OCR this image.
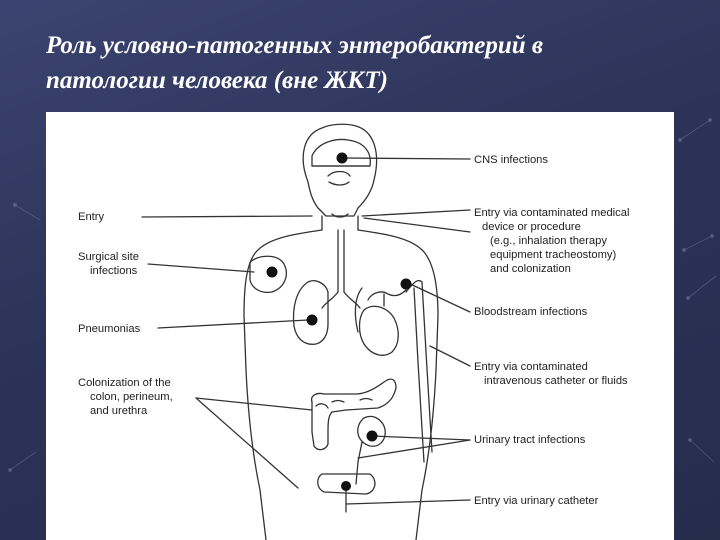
Роль условно-патогенных энтеробактерий в
патологии человека (вне ЖКТ)
Entry
Surgical site
infections
Pneumonias
Colonization of the
colon, perineum,
and urethra
CNS infections
Entry via contaminated medical
device or procedure
(e.g., inhalation therapy
equipment tracheostomy)
and colonization
Bloodstream infections
Entry via contaminated
intravenous catheter or fluids
Urinary tract infections
Entry via urinary catheter
